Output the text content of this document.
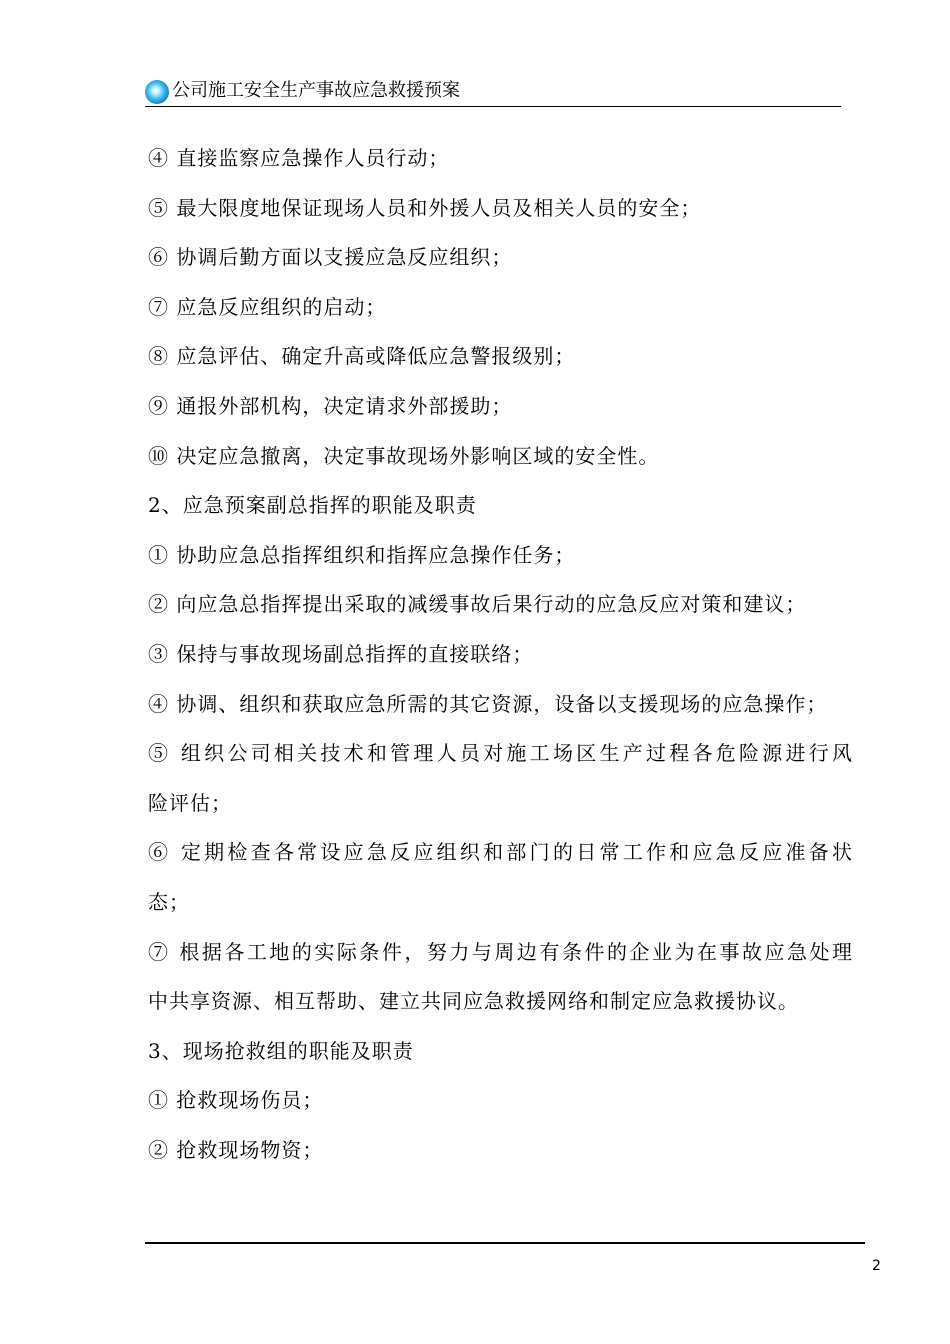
公司施工安全生产事故应急救援预案
④ 直接监察应急操作人员行动；
⑤ 最大限度地保证现场人员和外援人员及相关人员的安全；
⑥ 协调后勤方面以支援应急反应组织；
⑦ 应急反应组织的启动；
⑧ 应急评估、确定升高或降低应急警报级别；
⑨ 通报外部机构，决定请求外部援助；
⑩ 决定应急撤离，决定事故现场外影响区域的安全性。
2、应急预案副总指挥的职能及职责
① 协助应急总指挥组织和指挥应急操作任务；
② 向应急总指挥提出采取的减缓事故后果行动的应急反应对策和建议；
③ 保持与事故现场副总指挥的直接联络；
④ 协调、组织和获取应急所需的其它资源，设备以支援现场的应急操作；
⑤ 组织公司相关技术和管理人员对施工场区生产过程各危险源进行风
险评估；
⑥ 定期检查各常设应急反应组织和部门的日常工作和应急反应准备状
态；
⑦ 根据各工地的实际条件，努力与周边有条件的企业为在事故应急处理
中共享资源、相互帮助、建立共同应急救援网络和制定应急救援协议。
3、现场抢救组的职能及职责
① 抢救现场伤员；
② 抢救现场物资；
2
